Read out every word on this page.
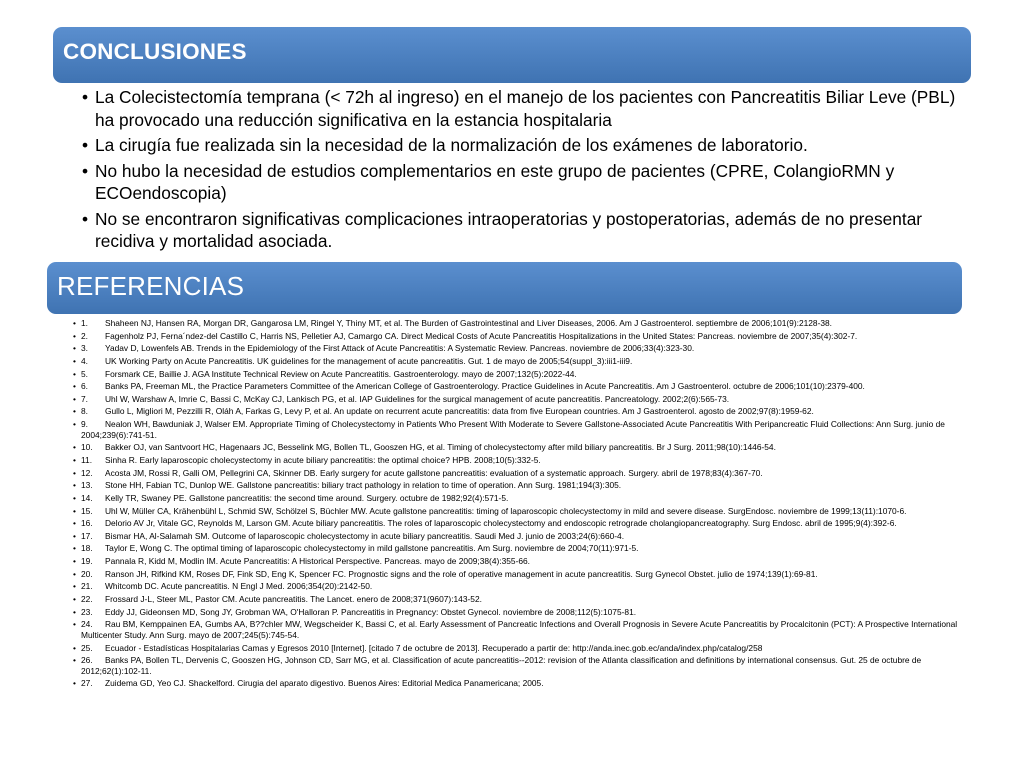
CONCLUSIONES
• La Colecistectomía temprana (< 72h al ingreso) en el manejo de los pacientes con Pancreatitis Biliar Leve (PBL) ha provocado una reducción significativa en la estancia hospitalaria
• La cirugía fue realizada sin la necesidad de la normalización de los exámenes de laboratorio.
• No hubo la necesidad de estudios complementarios en este grupo de pacientes (CPRE, ColangioRMN y ECOendoscopia)
• No se encontraron significativas complicaciones intraoperatorias y postoperatorias, además de no presentar recidiva y mortalidad asociada.
REFERENCIAS
• 1. Shaheen NJ, Hansen RA, Morgan DR, Gangarosa LM, Ringel Y, Thiny MT, et al. The Burden of Gastrointestinal and Liver Diseases, 2006. Am J Gastroenterol. septiembre de 2006;101(9):2128-38.
• 2. Fagenholz PJ, Ferna´ndez-del Castillo C, Harris NS, Pelletier AJ, Camargo CA. Direct Medical Costs of Acute Pancreatitis Hospitalizations in the United States: Pancreas. noviembre de 2007;35(4):302-7.
• 3. Yadav D, Lowenfels AB. Trends in the Epidemiology of the First Attack of Acute Pancreatitis: A Systematic Review. Pancreas. noviembre de 2006;33(4):323-30.
• 4. UK Working Party on Acute Pancreatitis. UK guidelines for the management of acute pancreatitis. Gut. 1 de mayo de 2005;54(suppl_3):iii1-iii9.
• 5. Forsmark CE, Baillie J. AGA Institute Technical Review on Acute Pancreatitis. Gastroenterology. mayo de 2007;132(5):2022-44.
• 6. Banks PA, Freeman ML, the Practice Parameters Committee of the American College of Gastroenterology. Practice Guidelines in Acute Pancreatitis. Am J Gastroenterol. octubre de 2006;101(10):2379-400.
• 7. Uhl W, Warshaw A, Imrie C, Bassi C, McKay CJ, Lankisch PG, et al. IAP Guidelines for the surgical management of acute pancreatitis. Pancreatology. 2002;2(6):565-73.
• 8. Gullo L, Migliori M, Pezzilli R, Oláh A, Farkas G, Levy P, et al. An update on recurrent acute pancreatitis: data from five European countries. Am J Gastroenterol. agosto de 2002;97(8):1959-62.
• 9. Nealon WH, Bawduniak J, Walser EM. Appropriate Timing of Cholecystectomy in Patients Who Present With Moderate to Severe Gallstone-Associated Acute Pancreatitis With Peripancreatic Fluid Collections: Ann Surg. junio de 2004;239(6):741-51.
• 10. Bakker OJ, van Santvoort HC, Hagenaars JC, Besselink MG, Bollen TL, Gooszen HG, et al. Timing of cholecystectomy after mild biliary pancreatitis. Br J Surg. 2011;98(10):1446-54.
• 11. Sinha R. Early laparoscopic cholecystectomy in acute biliary pancreatitis: the optimal choice? HPB. 2008;10(5):332-5.
• 12. Acosta JM, Rossi R, Galli OM, Pellegrini CA, Skinner DB. Early surgery for acute gallstone pancreatitis: evaluation of a systematic approach. Surgery. abril de 1978;83(4):367-70.
• 13. Stone HH, Fabian TC, Dunlop WE. Gallstone pancreatitis: biliary tract pathology in relation to time of operation. Ann Surg. 1981;194(3):305.
• 14. Kelly TR, Swaney PE. Gallstone pancreatitis: the second time around. Surgery. octubre de 1982;92(4):571-5.
• 15. Uhl W, Müller CA, Krähenbühl L, Schmid SW, Schölzel S, Büchler MW. Acute gallstone pancreatitis: timing of laparoscopic cholecystectomy in mild and severe disease. SurgEndosc. noviembre de 1999;13(11):1070-6.
• 16. Delorio AV Jr, Vitale GC, Reynolds M, Larson GM. Acute biliary pancreatitis. The roles of laparoscopic cholecystectomy and endoscopic retrograde cholangiopancreatography. Surg Endosc. abril de 1995;9(4):392-6.
• 17. Bismar HA, Al-Salamah SM. Outcome of laparoscopic cholecystectomy in acute biliary pancreatitis. Saudi Med J. junio de 2003;24(6):660-4.
• 18. Taylor E, Wong C. The optimal timing of laparoscopic cholecystectomy in mild gallstone pancreatitis. Am Surg. noviembre de 2004;70(11):971-5.
• 19. Pannala R, Kidd M, Modlin IM. Acute Pancreatitis: A Historical Perspective. Pancreas. mayo de 2009;38(4):355-66.
• 20. Ranson JH, Rifkind KM, Roses DF, Fink SD, Eng K, Spencer FC. Prognostic signs and the role of operative management in acute pancreatitis. Surg Gynecol Obstet. julio de 1974;139(1):69-81.
• 21. Whitcomb DC. Acute pancreatitis. N Engl J Med. 2006;354(20):2142-50.
• 22. Frossard J-L, Steer ML, Pastor CM. Acute pancreatitis. The Lancet. enero de 2008;371(9607):143-52.
• 23. Eddy JJ, Gideonsen MD, Song JY, Grobman WA, O'Halloran P. Pancreatitis in Pregnancy: Obstet Gynecol. noviembre de 2008;112(5):1075-81.
• 24. Rau BM, Kemppainen EA, Gumbs AA, B??chler MW, Wegscheider K, Bassi C, et al. Early Assessment of Pancreatic Infections and Overall Prognosis in Severe Acute Pancreatitis by Procalcitonin (PCT): A Prospective International Multicenter Study. Ann Surg. mayo de 2007;245(5):745-54.
• 25. Ecuador - Estadísticas Hospitalarias Camas y Egresos 2010 [Internet]. [citado 7 de octubre de 2013]. Recuperado a partir de: http://anda.inec.gob.ec/anda/index.php/catalog/258
• 26. Banks PA, Bollen TL, Dervenis C, Gooszen HG, Johnson CD, Sarr MG, et al. Classification of acute pancreatitis--2012: revision of the Atlanta classification and definitions by international consensus. Gut. 25 de octubre de 2012;62(1):102-11.
• 27. Zuidema GD, Yeo CJ. Shackelford. Cirugia del aparato digestivo. Buenos Aires: Editorial Medica Panamericana; 2005.
